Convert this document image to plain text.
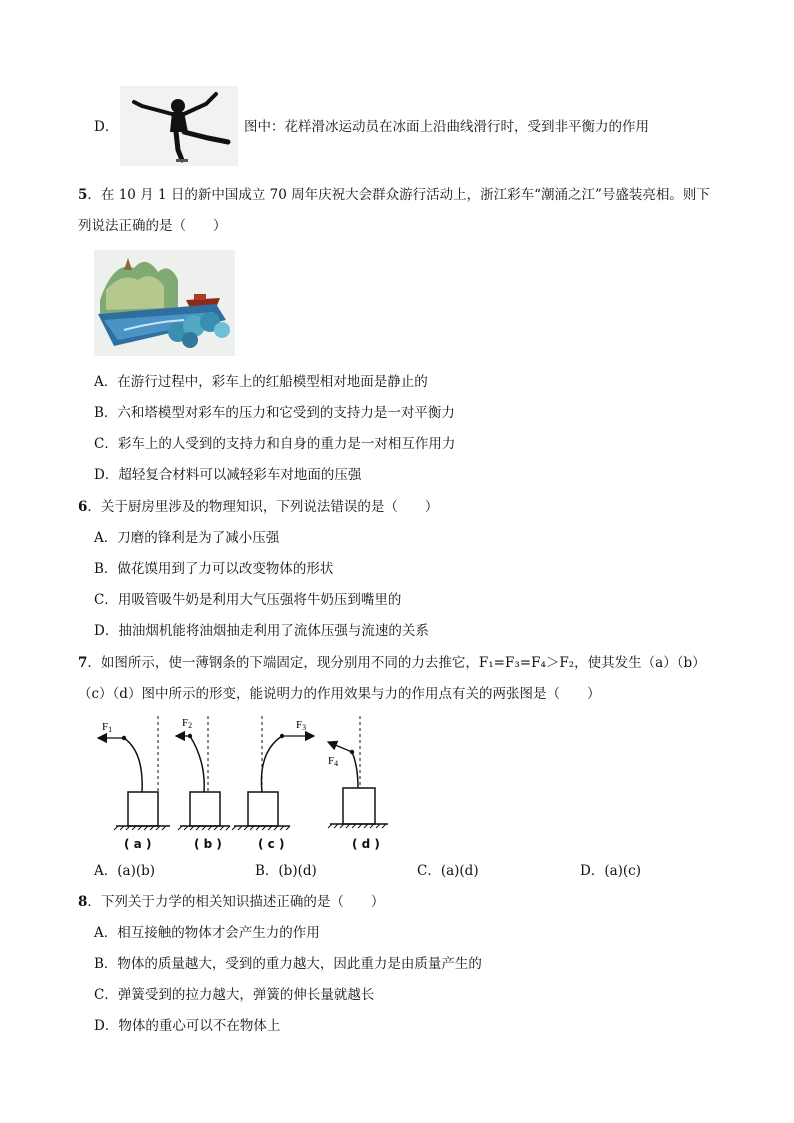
D．	图中：花样滑冰运动员在冰面上沿曲线滑行时，受到非平衡力的作用
5．在 10 月 1 日的新中国成立 70 周年庆祝大会群众游行活动上，浙江彩车“潮涌之江”号盛装亮相。则下
列说法正确的是（　　）
A．在游行过程中，彩车上的红船模型相对地面是静止的
B．六和塔模型对彩车的压力和它受到的支持力是一对平衡力
C．彩车上的人受到的支持力和自身的重力是一对相互作用力
D．超轻复合材料可以减轻彩车对地面的压强
6．关于厨房里涉及的物理知识，下列说法错误的是（　　）
A．刀磨的锋利是为了减小压强
B．做花馍用到了力可以改变物体的形状
C．用吸管吸牛奶是利用大气压强将牛奶压到嘴里的
D．抽油烟机能将油烟抽走利用了流体压强与流速的关系
7．如图所示，使一薄钢条的下端固定，现分别用不同的力去推它，F₁=F₃=F₄＞F₂，使其发生（a）（b）
（c）（d）图中所示的形变，能说明力的作用效果与力的作用点有关的两张图是（　　）
F1
F2	F3
F4
( a )	( b )	( c )	( d )
A．(a)(b)	B．(b)(d)	C．(a)(d)	D．(a)(c)
8．下列关于力学的相关知识描述正确的是（　　）
A．相互接触的物体才会产生力的作用
B．物体的质量越大，受到的重力越大，因此重力是由质量产生的
C．弹簧受到的拉力越大，弹簧的伸长量就越长
D．物体的重心可以不在物体上
